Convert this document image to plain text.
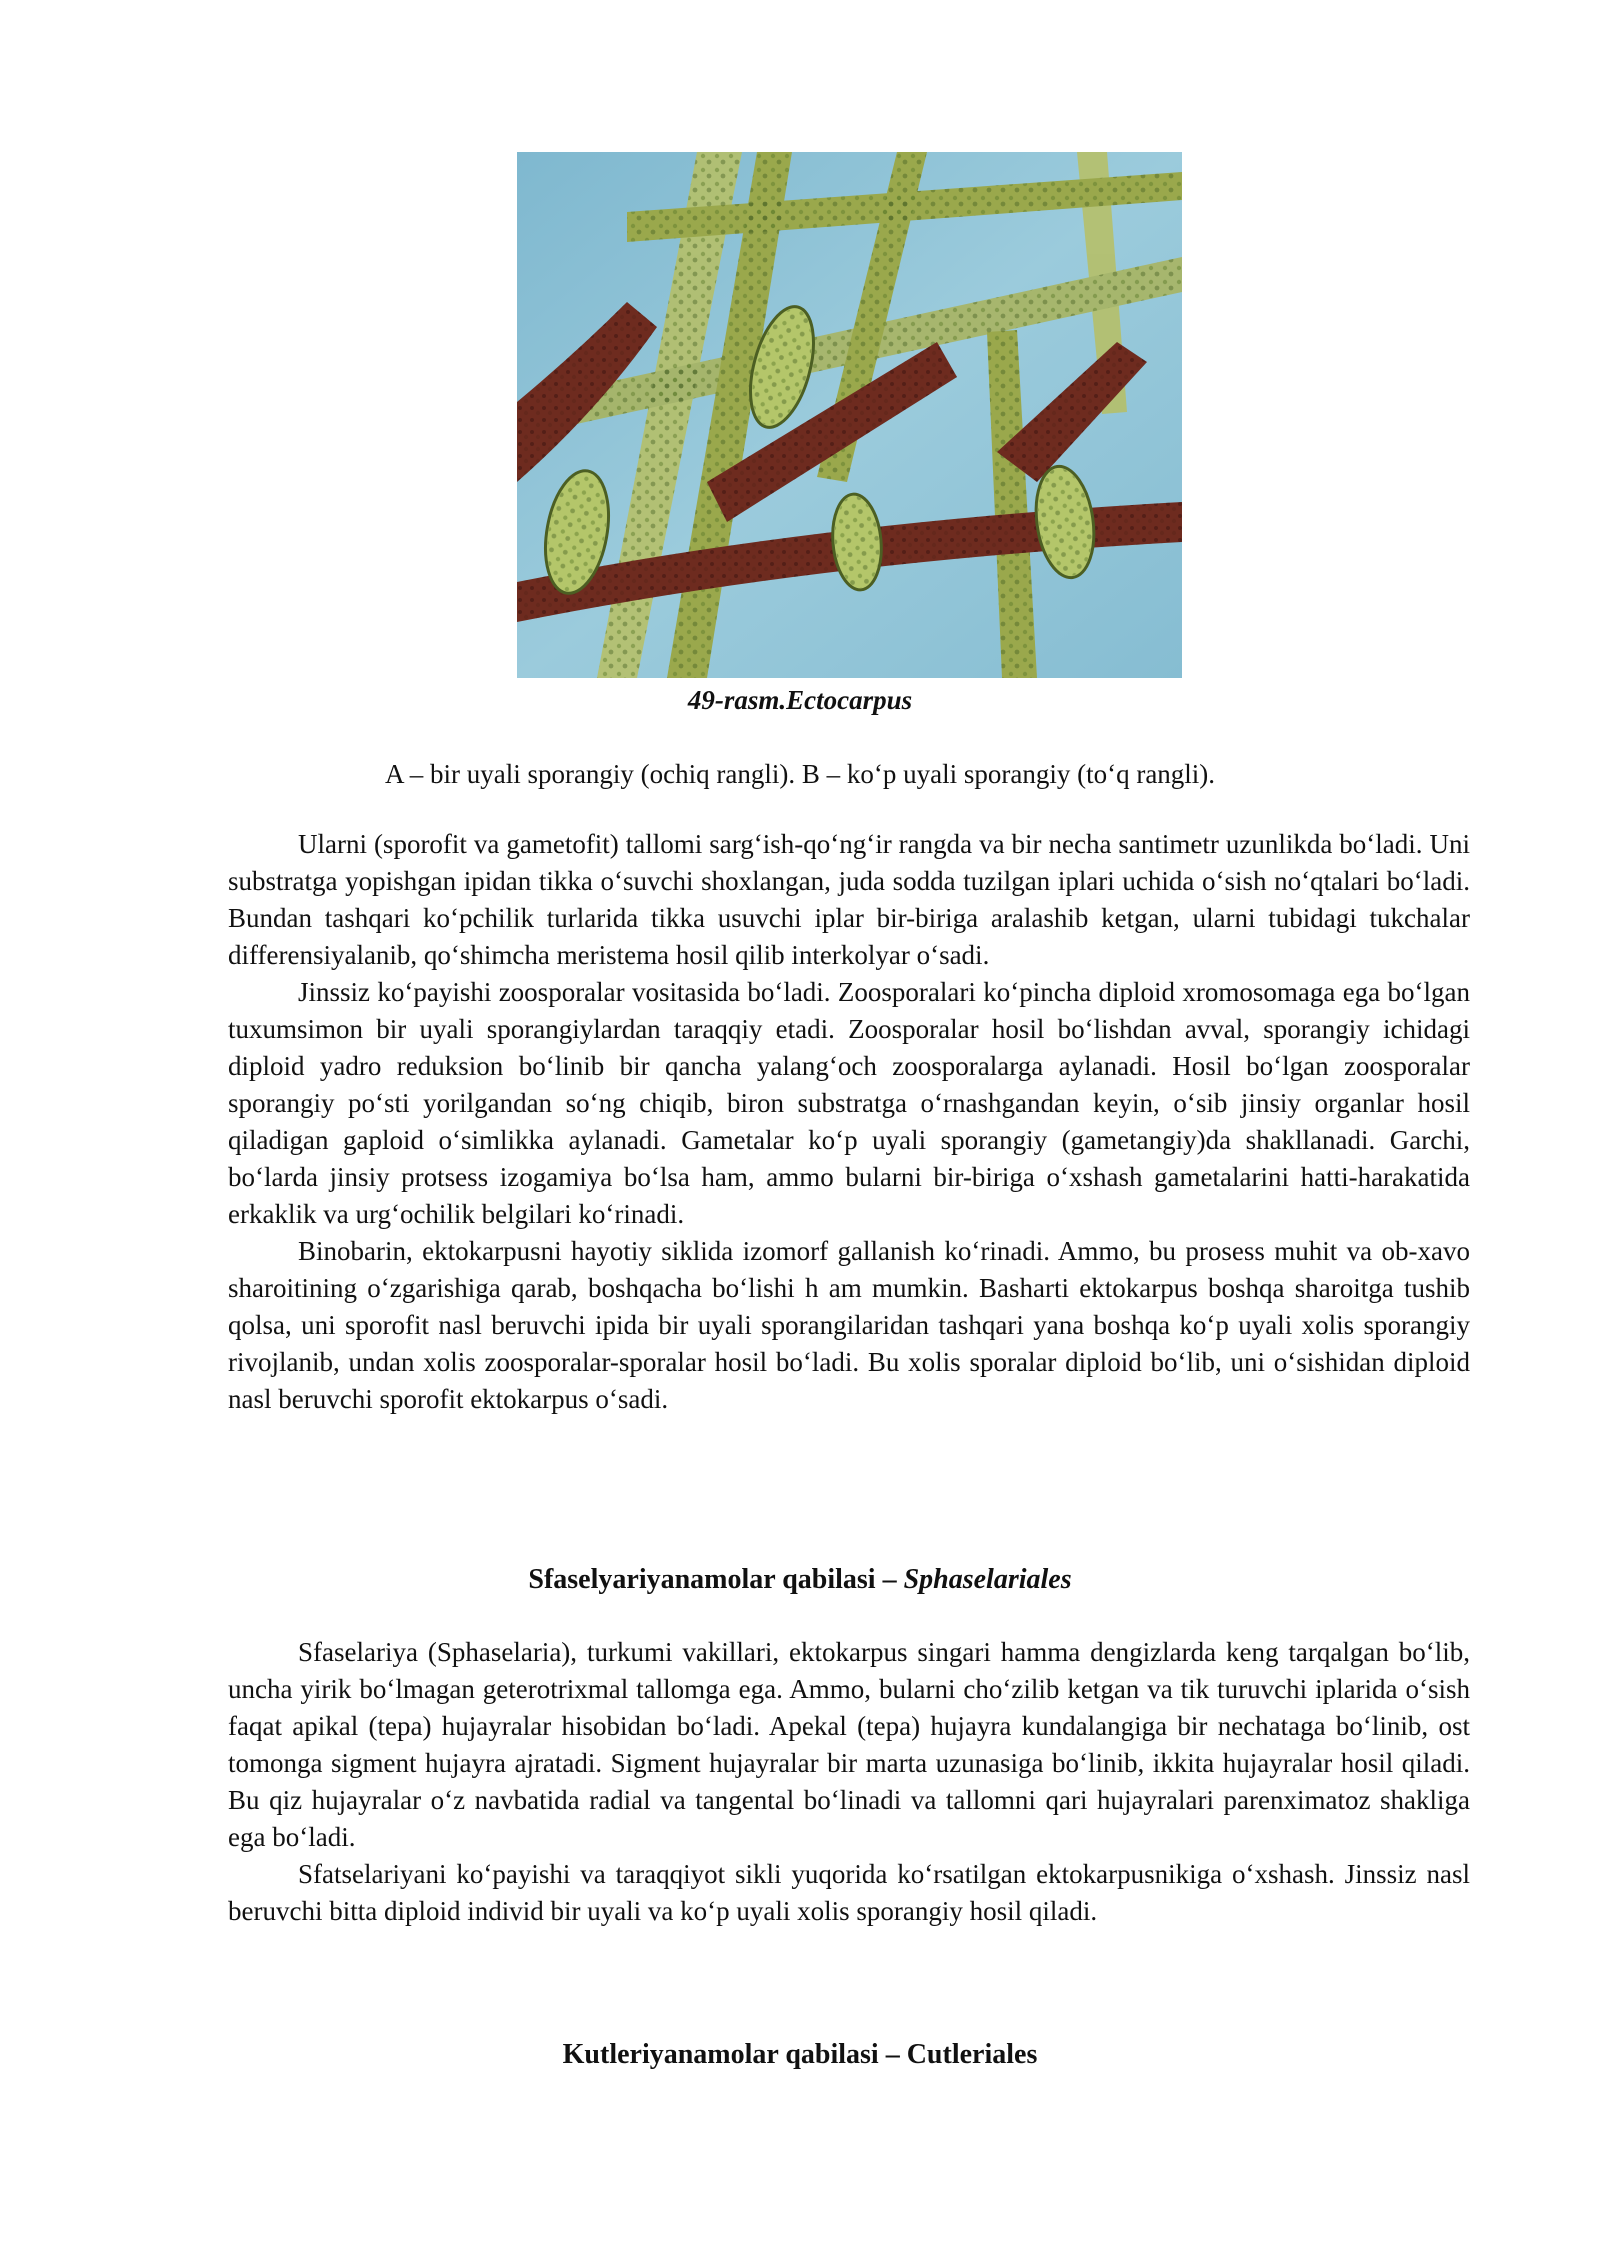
49-rasm.Ectocarpus
A – bir uyali sporangiy (ochiq rangli). B – ko‘p uyali sporangiy (to‘q rangli).

Ularni (sporofit va gametofit) tallomi sarg‘ish-qo‘ng‘ir rangda va bir necha santimetr uzunlikda bo‘ladi. Uni substratga yopishgan ipidan tikka o‘suvchi shoxlangan, juda sodda tuzilgan iplari uchida o‘sish no‘qtalari bo‘ladi. Bundan tashqari ko‘pchilik turlarida tikka usuvchi iplar bir-biriga aralashib ketgan, ularni tubidagi tukchalar differensiyalanib, qo‘shimcha meristema hosil qilib interkolyar o‘sadi.

Jinssiz ko‘payishi zoosporalar vositasida bo‘ladi. Zoosporalari ko‘pincha diploid xromosomaga ega bo‘lgan tuxumsimon bir uyali sporangiylardan taraqqiy etadi. Zoosporalar hosil bo‘lishdan avval, sporangiy ichidagi diploid yadro reduksion bo‘linib bir qancha yalang‘och zoosporalarga aylanadi. Hosil bo‘lgan zoosporalar sporangiy po‘sti yorilgandan so‘ng chiqib, biron substratga o‘rnashgandan keyin, o‘sib jinsiy organlar hosil qiladigan gaploid o‘simlikka aylanadi. Gametalar ko‘p uyali sporangiy (gametangiy)da shakllanadi. Garchi, bo‘larda jinsiy protsess izogamiya bo‘lsa ham, ammo bularni bir-biriga o‘xshash gametalarini hatti-harakatida erkaklik va urg‘ochilik belgilari ko‘rinadi.

Binobarin, ektokarpusni hayotiy siklida izomorf gallanish ko‘rinadi. Ammo, bu prosess muhit va ob-xavo sharoitining o‘zgarishiga qarab, boshqacha bo‘lishi h am mumkin. Basharti ektokarpus boshqa sharoitga tushib qolsa, uni sporofit nasl beruvchi ipida bir uyali sporangilaridan tashqari yana boshqa ko‘p uyali xolis sporangiy rivojlanib, undan xolis zoosporalar-sporalar hosil bo‘ladi. Bu xolis sporalar diploid bo‘lib, uni o‘sishidan diploid nasl beruvchi sporofit ektokarpus o‘sadi.

Sfaselyariyanamolar qabilasi – Sphaselariales

Sfaselariya (Sphaselaria), turkumi vakillari, ektokarpus singari hamma dengizlarda keng tarqalgan bo‘lib, uncha yirik bo‘lmagan geterotrixmal tallomga ega. Ammo, bularni cho‘zilib ketgan va tik turuvchi iplarida o‘sish faqat apikal (tepa) hujayralar hisobidan bo‘ladi. Apekal (tepa) hujayra kundalangiga bir nechataga bo‘linib, ost tomonga sigment hujayra ajratadi. Sigment hujayralar bir marta uzunasiga bo‘linib, ikkita hujayralar hosil qiladi. Bu qiz hujayralar o‘z navbatida radial va tangental bo‘linadi va tallomni qari hujayralari parenximatoz shakliga ega bo‘ladi.

Sfatselariyani ko‘payishi va taraqqiyot sikli yuqorida ko‘rsatilgan ektokarpusnikiga o‘xshash. Jinssiz nasl beruvchi bitta diploid individ bir uyali va ko‘p uyali xolis sporangiy hosil qiladi.

Kutleriyanamolar qabilasi – Cutleriales
